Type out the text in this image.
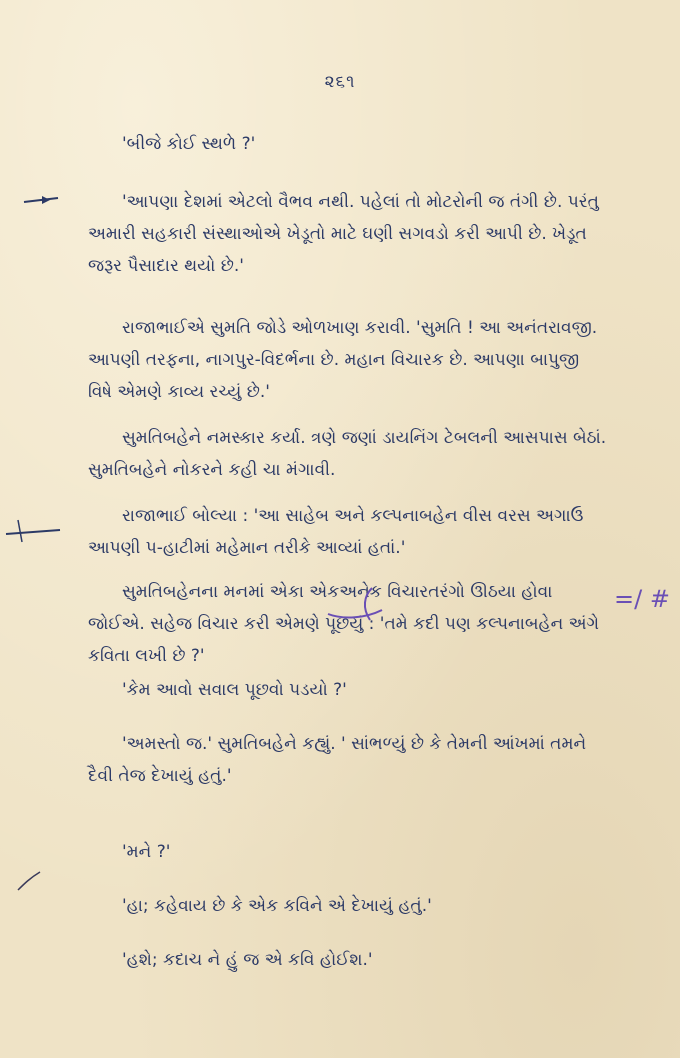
૨૬૧

'બીજે કોઈ સ્થળે ?'

'આપણા દેશમાં એટલો વૈભવ નથી. પહેલાં તો મોટરોની જ તંગી છે. પરંતુ અમારી સહકારી સંસ્થાઓએ ખેડૂતો માટે ઘણી સગવડો કરી આપી છે. ખેડૂત જરૂર પૈસાદાર થયો છે.'

રાજાભાઈએ સુમતિ જોડે ઓળખાણ કરાવી. 'સુમતિ ! આ અનંતરાવજી. આપણી તરફના, નાગપુર-વિદર્ભના છે. મહાન વિચારક છે. આપણા બાપુજી વિષે એમણે કાવ્ય રચ્યું છે.'

સુમતિબહેને નમસ્કાર કર્યા. ત્રણે જણાં ડાયનિંગ ટેબલની આસપાસ બેઠાં. સુમતિબહેને નોકરને કહી ચા મંગાવી.

રાજાભાઈ બોલ્યા : 'આ સાહેબ અને કલ્પનાબહેન વીસ વરસ અગાઉ આપણી પ-હાટીમાં મહેમાન તરીકે આવ્યાં હતાં.'

સુમતિબહેનના મનમાં એકા એકઅનેક વિચારતરંગો ઊઠયા હોવા જોઈએ. સહેજ વિચાર કરી એમણે પૂછયું : 'તમે કદી પણ કલ્પનાબહેન અંગે કવિતા લખી છે ?'

'કેમ આવો સવાલ પૂછવો પડયો ?'

'અમસ્તો જ.' સુમતિબહેને કહ્યું. ' સાંભળ્યું છે કે તેમની આંખમાં તમને દૈવી તેજ દેખાયું હતું.'

'મને ?'

'હા; કહેવાય છે કે એક કવિને એ દેખાયું હતું.'

'હશે; કદાચ ને હું જ એ કવિ હોઈશ.'

=/ #
